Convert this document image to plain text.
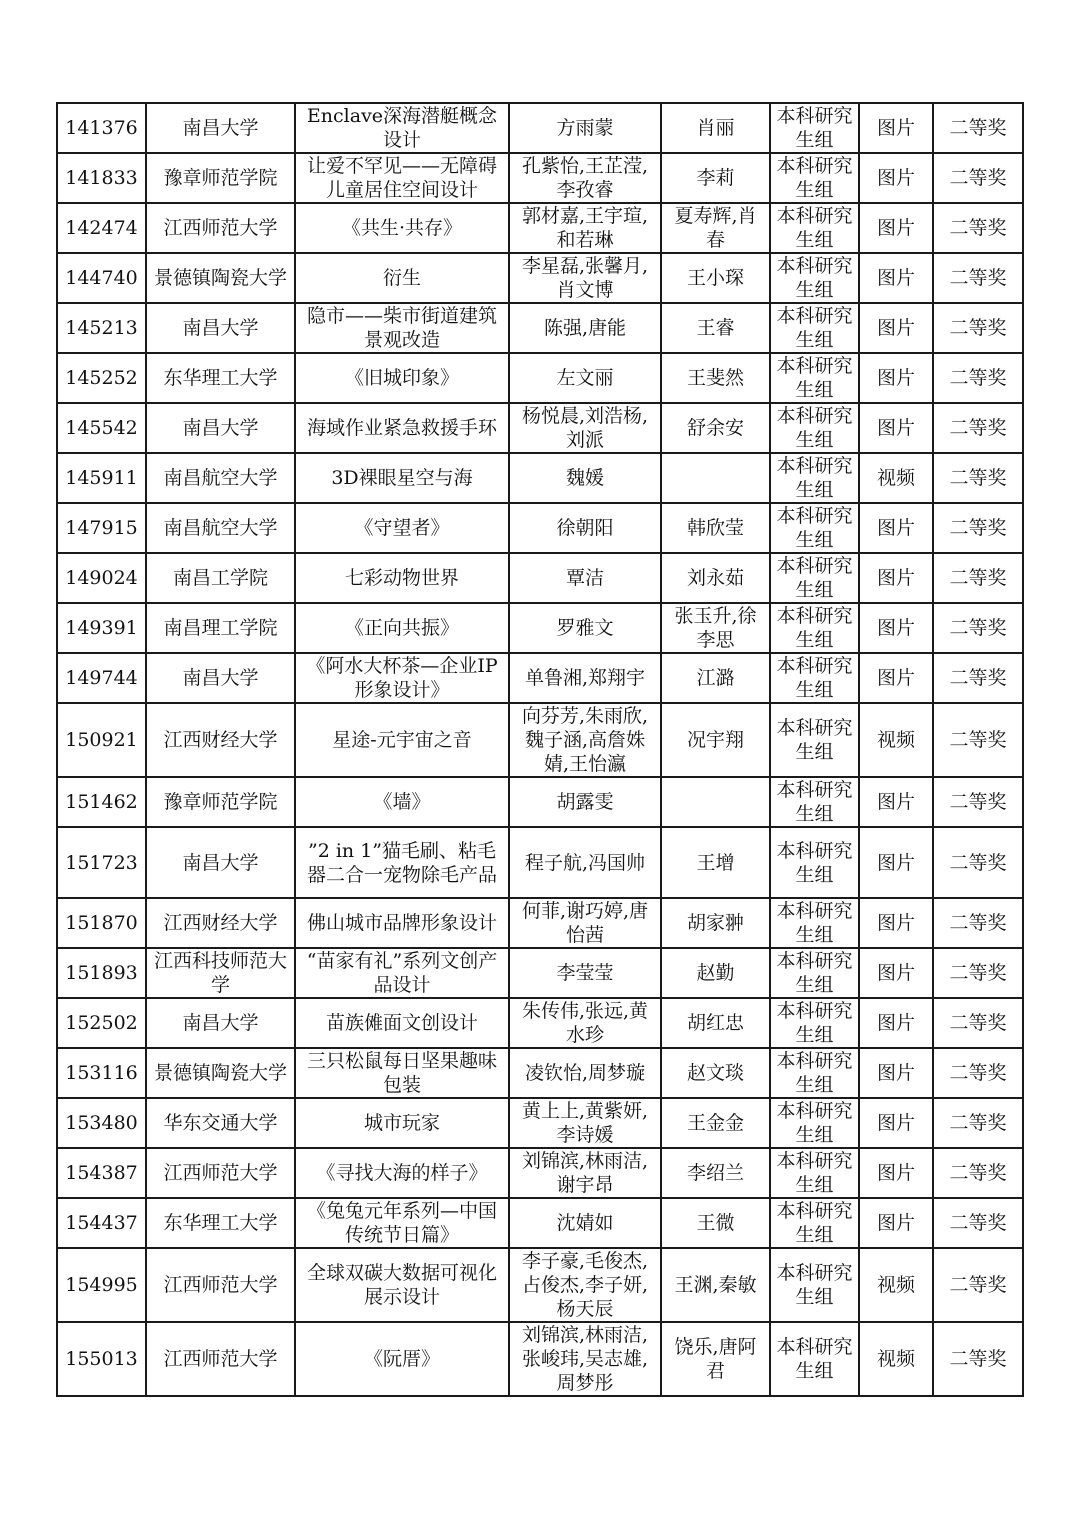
141376	南昌大学	Enclave深海潜艇概念设计	方雨蒙	肖丽	本科研究生组	图片	二等奖
141833	豫章师范学院	让爱不罕见——无障碍儿童居住空间设计	孔紫怡,王芷滢,李孜睿	李莉	本科研究生组	图片	二等奖
142474	江西师范大学	《共生·共存》	郭材嘉,王宇瑄,和若琳	夏寿辉,肖春	本科研究生组	图片	二等奖
144740	景德镇陶瓷大学	衍生	李星磊,张馨月,肖文博	王小琛	本科研究生组	图片	二等奖
145213	南昌大学	隐市——柴市街道建筑景观改造	陈强,唐能	王睿	本科研究生组	图片	二等奖
145252	东华理工大学	《旧城印象》	左文丽	王斐然	本科研究生组	图片	二等奖
145542	南昌大学	海域作业紧急救援手环	杨悦晨,刘浩杨,刘派	舒余安	本科研究生组	图片	二等奖
145911	南昌航空大学	3D裸眼星空与海	魏媛		本科研究生组	视频	二等奖
147915	南昌航空大学	《守望者》	徐朝阳	韩欣莹	本科研究生组	图片	二等奖
149024	南昌工学院	七彩动物世界	覃洁	刘永茹	本科研究生组	图片	二等奖
149391	南昌理工学院	《正向共振》	罗雅文	张玉升,徐李思	本科研究生组	图片	二等奖
149744	南昌大学	《阿水大杯茶—企业IP形象设计》	单鲁湘,郑翔宇	江潞	本科研究生组	图片	二等奖
150921	江西财经大学	星途-元宇宙之音	向芬芳,朱雨欣,魏子涵,高詹姝婧,王怡瀛	况宇翔	本科研究生组	视频	二等奖
151462	豫章师范学院	《墙》	胡露雯		本科研究生组	图片	二等奖
151723	南昌大学	”2 in 1”猫毛刷、粘毛器二合一宠物除毛产品	程子航,冯国帅	王增	本科研究生组	图片	二等奖
151870	江西财经大学	佛山城市品牌形象设计	何菲,谢巧婷,唐怡茜	胡家翀	本科研究生组	图片	二等奖
151893	江西科技师范大学	“苗家有礼”系列文创产品设计	李莹莹	赵勤	本科研究生组	图片	二等奖
152502	南昌大学	苗族傩面文创设计	朱传伟,张远,黄水珍	胡红忠	本科研究生组	图片	二等奖
153116	景德镇陶瓷大学	三只松鼠每日坚果趣味包装	凌钦怡,周梦璇	赵文琰	本科研究生组	图片	二等奖
153480	华东交通大学	城市玩家	黄上上,黄紫妍,李诗媛	王金金	本科研究生组	图片	二等奖
154387	江西师范大学	《寻找大海的样子》	刘锦滨,林雨洁,谢宇昂	李绍兰	本科研究生组	图片	二等奖
154437	东华理工大学	《兔兔元年系列—中国传统节日篇》	沈婧如	王微	本科研究生组	图片	二等奖
154995	江西师范大学	全球双碳大数据可视化展示设计	李子豪,毛俊杰,占俊杰,李子妍,杨天辰	王渊,秦敏	本科研究生组	视频	二等奖
155013	江西师范大学	《阮厝》	刘锦滨,林雨洁,张峻玮,吴志雄,周梦彤	饶乐,唐阿君	本科研究生组	视频	二等奖
